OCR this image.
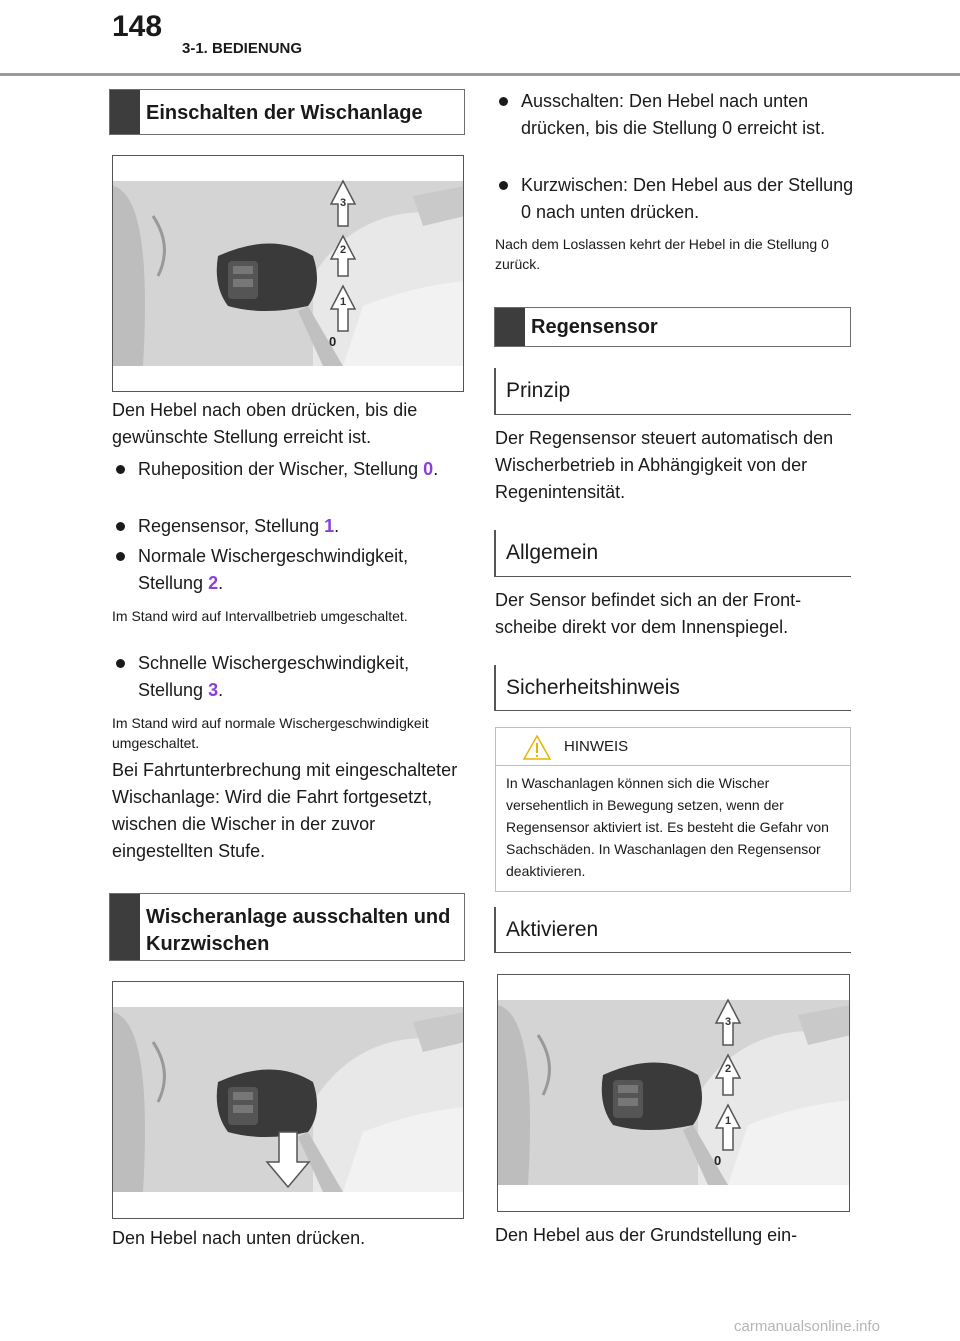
148
3-1. BEDIENUNG
Einschalten der Wischanlage
3
2
1
0
Den Hebel nach oben drücken, bis die gewünschte Stellung erreicht ist.
Ruheposition der Wischer, Stellung 0.
Regensensor, Stellung 1.
Normale Wischergeschwindigkeit, Stellung 2.
Im Stand wird auf Intervallbetrieb umgeschaltet.
Schnelle Wischergeschwindigkeit, Stellung 3.
Im Stand wird auf normale Wischergeschwindigkeit umgeschaltet.
Bei Fahrtunterbrechung mit eingeschalteter Wischanlage: Wird die Fahrt fortgesetzt, wischen die Wischer in der zuvor eingestellten Stufe.
Wischeranlage ausschalten und Kurzwischen
Den Hebel nach unten drücken.
Ausschalten: Den Hebel nach unten drücken, bis die Stellung 0 erreicht ist.
Kurzwischen: Den Hebel aus der Stellung 0 nach unten drücken.
Nach dem Loslassen kehrt der Hebel in die Stellung 0 zurück.
Regensensor
Prinzip
Der Regensensor steuert automatisch den Wischerbetrieb in Abhängigkeit von der Regenintensität.
Allgemein
Der Sensor befindet sich an der Frontscheibe direkt vor dem Innenspiegel.
Sicherheitshinweis
HINWEIS
In Waschanlagen können sich die Wischer versehentlich in Bewegung setzen, wenn der Regensensor aktiviert ist. Es besteht die Gefahr von Sachschäden. In Waschanlagen den Regensensor deaktivieren.
Aktivieren
3
2
1
0
Den Hebel aus der Grundstellung ein-
carmanualsonline.info
